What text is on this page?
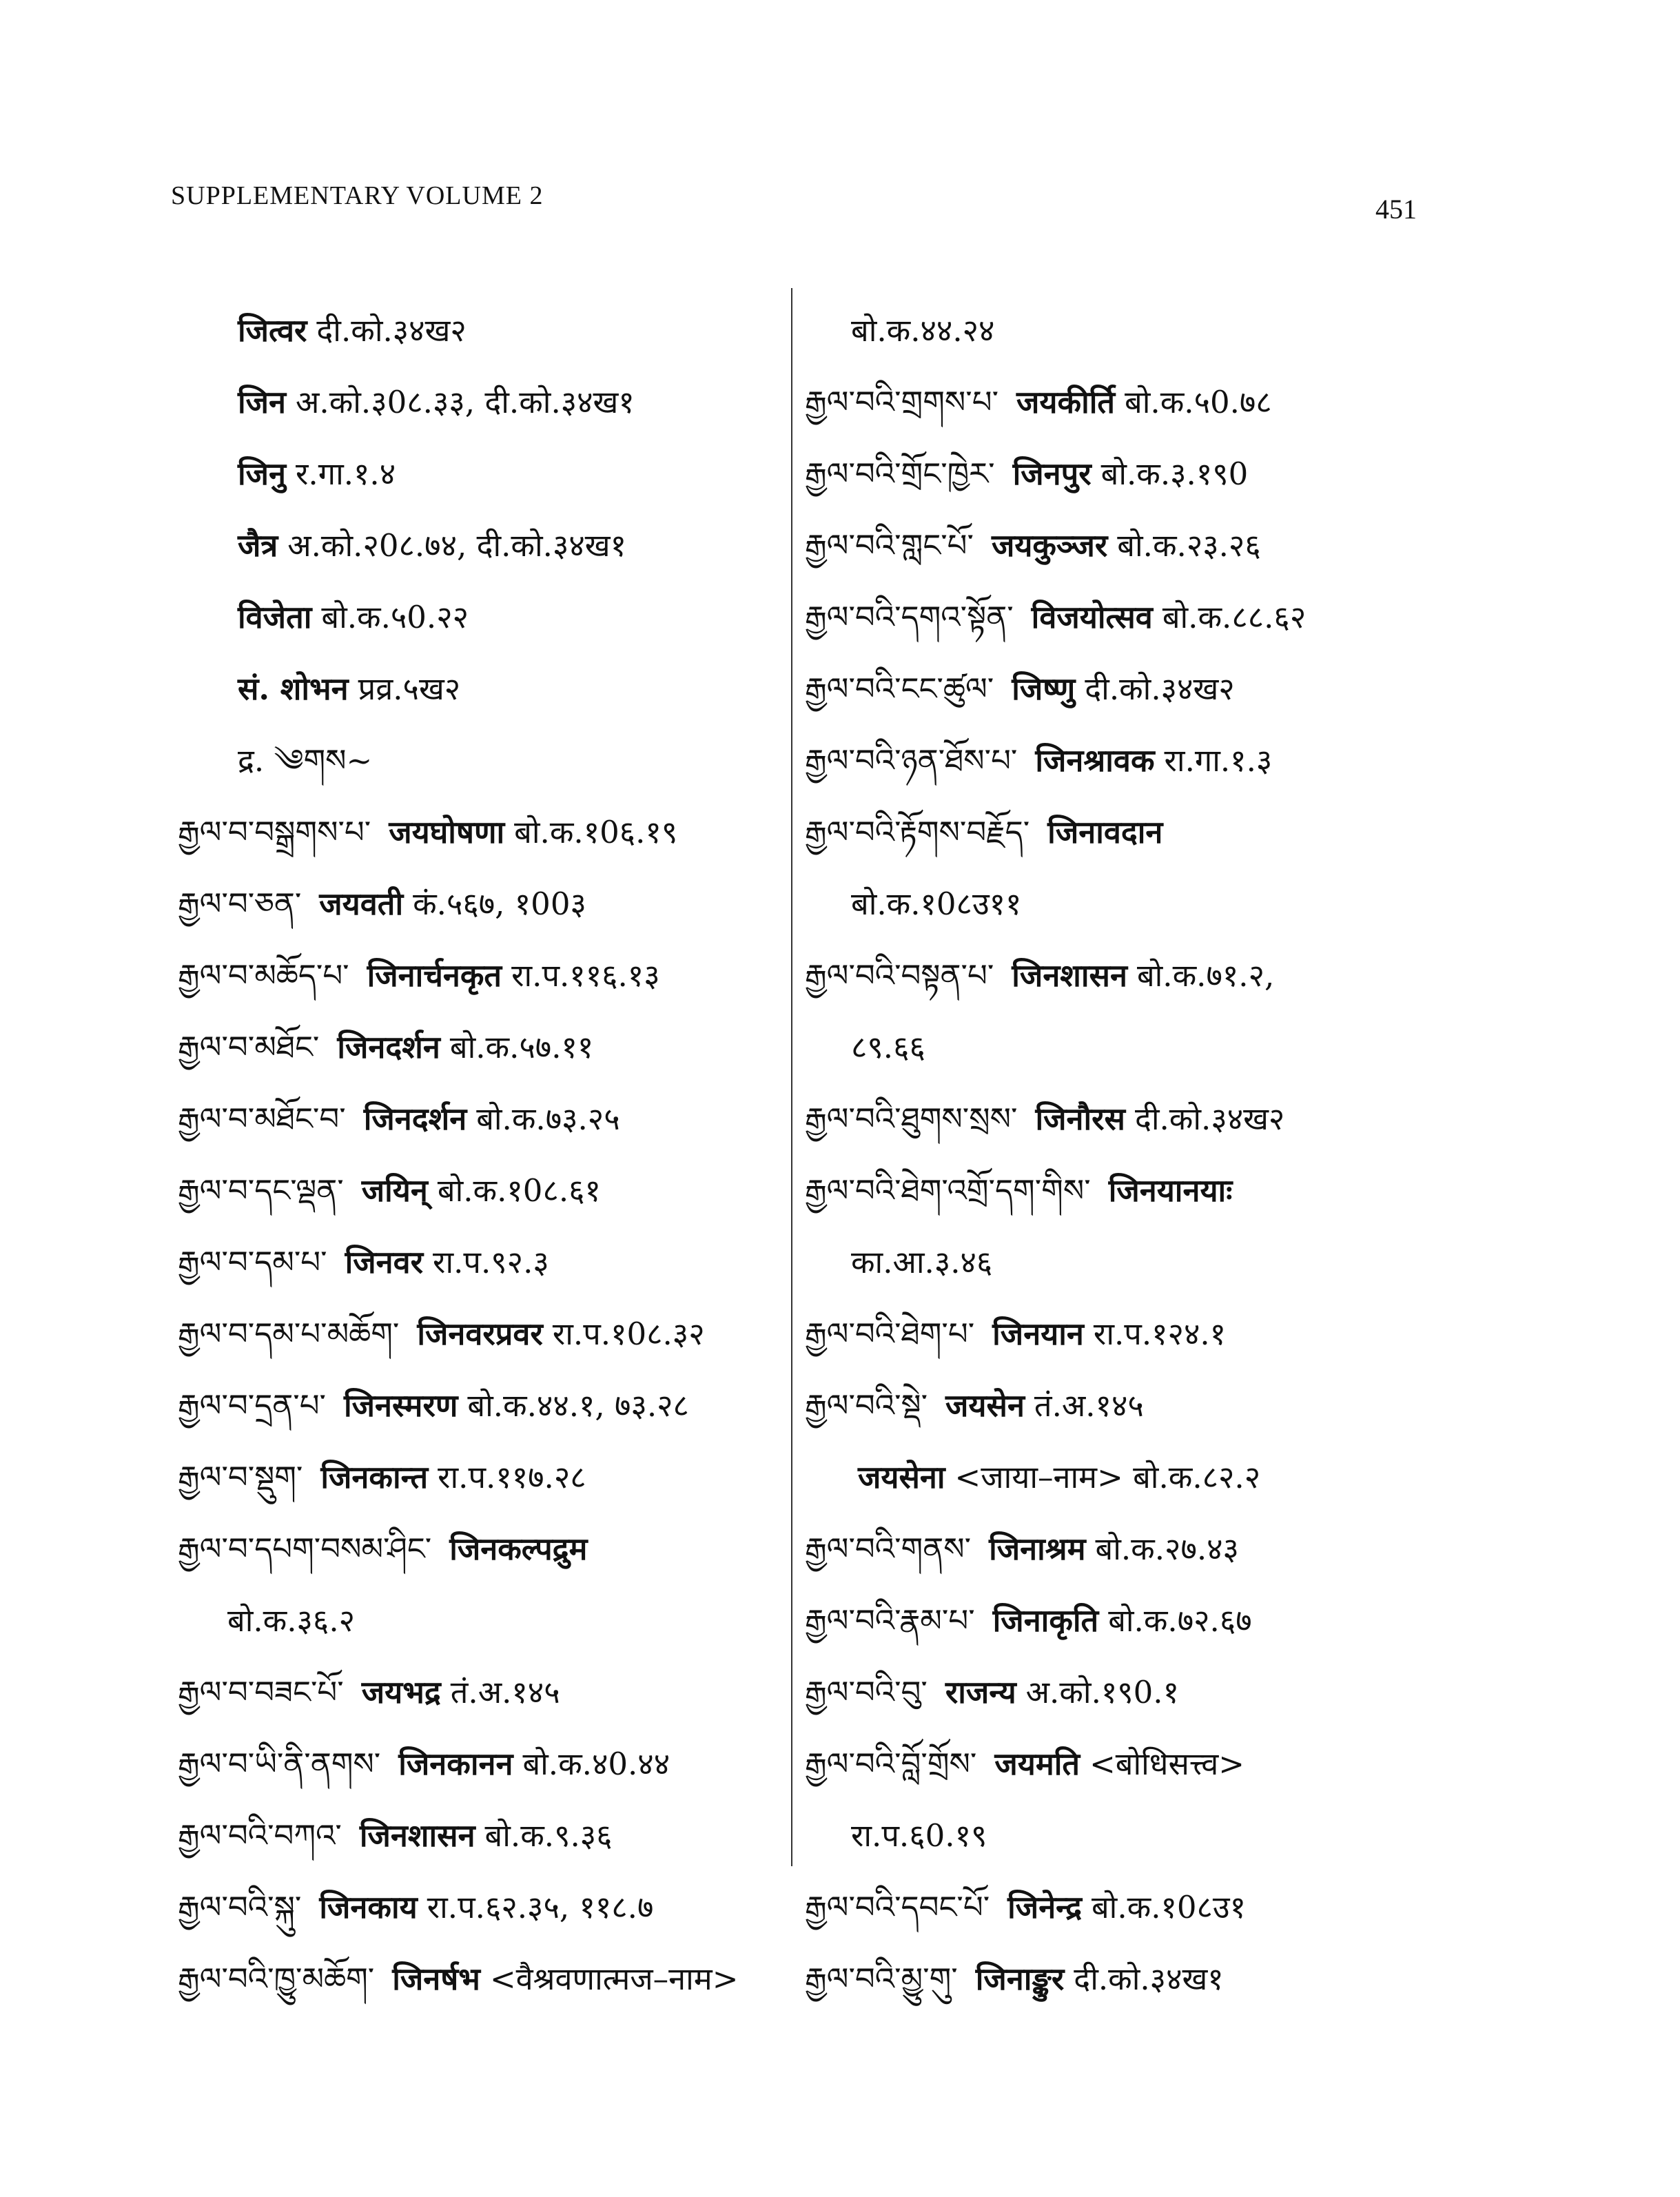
SUPPLEMENTARY VOLUME 2	451
जित्वर दी.को.३४ख२
जिन अ.को.३0८.३३, दी.को.३४ख१
जिनु र.गा.१.४
जैत्र अ.को.२0८.७४, दी.को.३४ख१
विजेता बो.क.५0.२२
सं. शोभन प्रव्र.५ख२
द्र. ༄གས~
རྒྱལ་བ་བསྒྲགས་པ་ जयघोषणा बो.क.१0६.१९
རྒྱལ་བ་ཅན་ जयवती कं.५६७, १00३
རྒྱལ་བ་མཆོད་པ་ जिनार्चनकृत रा.प.११६.१३
རྒྱལ་བ་མཐོང་ जिनदर्शन बो.क.५७.११
རྒྱལ་བ་མཐོང་བ་ जिनदर्शन बो.क.७३.२५
རྒྱལ་བ་དང་ལྡན་ जयिन् बो.क.१0८.६१
རྒྱལ་བ་དམ་པ་ जिनवर रा.प.९२.३
རྒྱལ་བ་དམ་པ་མཆོག་ जिनवरप्रवर रा.प.१0८.३२
རྒྱལ་བ་དྲན་པ་ जिनस्मरण बो.क.४४.१, ७३.२८
རྒྱལ་བ་སྡུག་ जिनकान्त रा.प.११७.२८
རྒྱལ་བ་དཔག་བསམ་ཤིང་ जिनकल्पद्रुम
बो.क.३६.२
རྒྱལ་བ་བཟང་པོ་ जयभद्र तं.अ.१४५
རྒྱལ་བ་ཡི་ནི་ནགས་ जिनकानन बो.क.४0.४४
རྒྱལ་བའི་བཀའ་ जिनशासन बो.क.९.३६
རྒྱལ་བའི་སྐུ་ जिनकाय रा.प.६२.३५, ११८.७
རྒྱལ་བའི་ཁྱུ་མཆོག་ जिनर्षभ <वैश्रवणात्मज–नाम>
बो.क.४४.२४
རྒྱལ་བའི་གྲགས་པ་ जयकीर्ति बो.क.५0.७८
རྒྱལ་བའི་གྲོང་ཁྱེར་ जिनपुर बो.क.३.१९0
རྒྱལ་བའི་གླང་པོ་ जयकुञ्जर बो.क.२३.२६
རྒྱལ་བའི་དགའ་སྟོན་ विजयोत्सव बो.क.८८.६२
རྒྱལ་བའི་ངང་ཚུལ་ जिष्णु दी.को.३४ख२
རྒྱལ་བའི་ཉན་ཐོས་པ་ जिनश्रावक रा.गा.१.३
རྒྱལ་བའི་རྟོགས་བརྗོད་ जिनावदान
बो.क.१0८उ११
རྒྱལ་བའི་བསྟན་པ་ जिनशासन बो.क.७१.२,
८९.६६
རྒྱལ་བའི་ཐུགས་སྲས་ जिनौरस दी.को.३४ख२
རྒྱལ་བའི་ཐེག་འགྲོ་དག་གིས་ जिनयानयाः
का.आ.३.४६
རྒྱལ་བའི་ཐེག་པ་ जिनयान रा.प.१२४.१
རྒྱལ་བའི་སྡེ་ जयसेन तं.अ.१४५
जयसेना <जाया–नाम> बो.क.८२.२
རྒྱལ་བའི་གནས་ जिनाश्रम बो.क.२७.४३
རྒྱལ་བའི་རྣམ་པ་ जिनाकृति बो.क.७२.६७
རྒྱལ་བའི་བུ་ राजन्य अ.को.१९0.१
རྒྱལ་བའི་བློ་གྲོས་ जयमति <बोधिसत्त्व>
रा.प.६0.१९
རྒྱལ་བའི་དབང་པོ་ जिनेन्द्र बो.क.१0८उ१
རྒྱལ་བའི་མྱུ་གུ་ जिनाङ्कुर दी.को.३४ख१
